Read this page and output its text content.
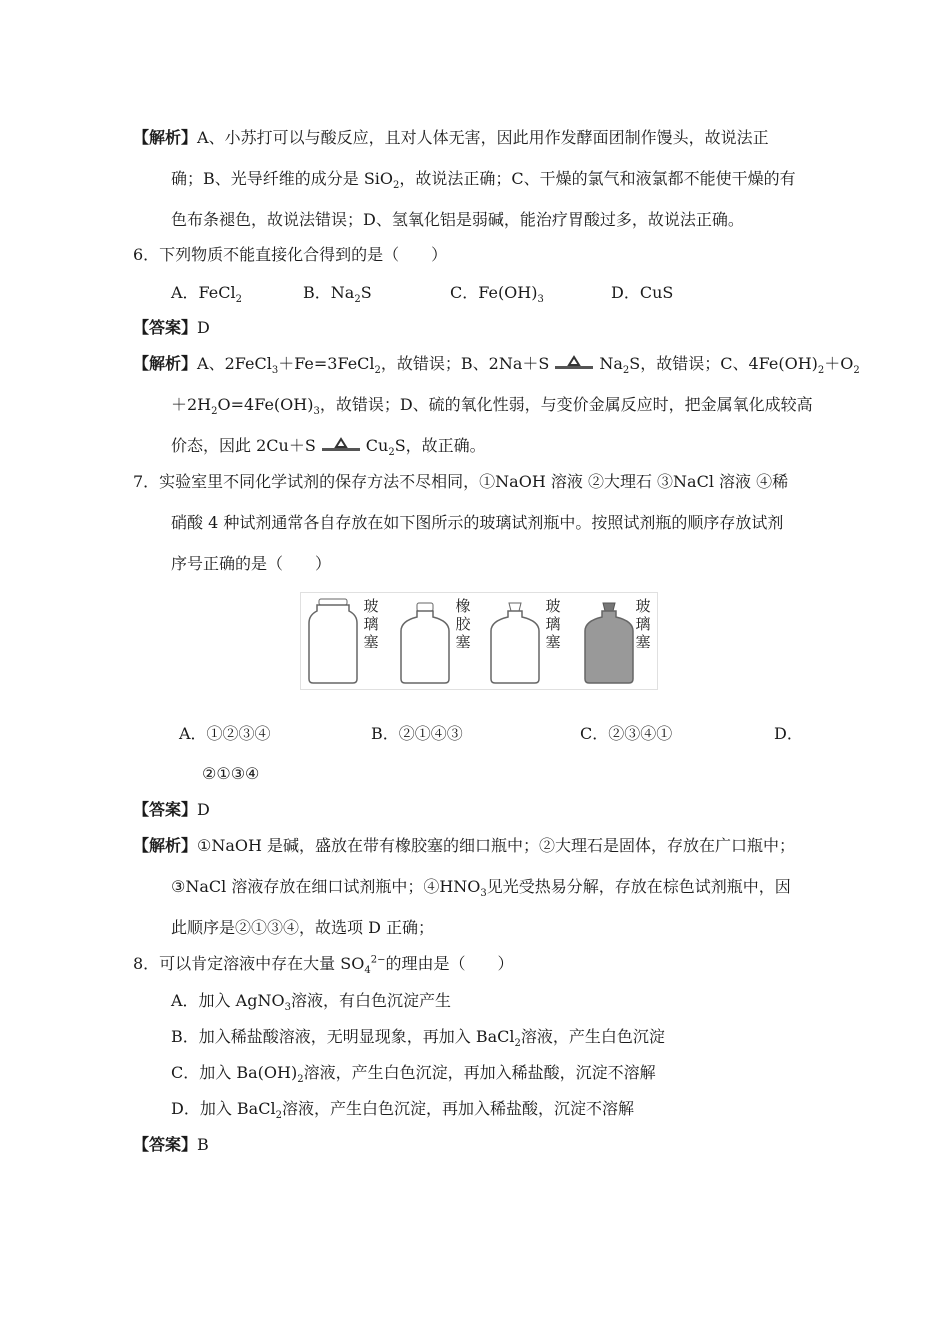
【解析】A、小苏打可以与酸反应，且对人体无害，因此用作发酵面团制作馒头，故说法正
确；B、光导纤维的成分是 SiO$_2$，故说法正确；C、干燥的氯气和液氯都不能使干燥的有
色布条褪色，故说法错误；D、氢氧化铝是弱碱，能治疗胃酸过多，故说法正确。
6．下列物质不能直接化合得到的是（　　）
A．FeCl$_2$	B．$Na_2S$	C．$Fe(OH)_3$	D．CuS
【答案】D
【解析】A、2FeCl$_3$＋Fe=3FeCl$_2$，故错误；B、2Na＋S	$Na_2S$，故错误；C、$4Fe(OH)_2+O_2$
$+2H_2O=4Fe(OH)_3$，故错误；D、硫的氧化性弱，与变价金属反应时，把金属氧化成较高
价态，因此 2Cu＋S	$Cu_2S$，故正确。
7．实验室里不同化学试剂的保存方法不尽相同，①NaOH 溶液 ②大理石 ③NaCl 溶液 ④稀
硝酸 4 种试剂通常各自存放在如下图所示的玻璃试剂瓶中。按照试剂瓶的顺序存放试剂
序号正确的是（　　）
玻璃塞
橡胶塞
玻璃塞
玻璃塞
A．①②③④	B．②①④③	C．②③④①	D．
②①③④
【答案】D
【解析】①NaOH 是碱，盛放在带有橡胶塞的细口瓶中；②大理石是固体，存放在广口瓶中；
③NaCl 溶液存放在细口试剂瓶中；$④HNO_3$见光受热易分解，存放在棕色试剂瓶中，因
此顺序是②①③④，故选项 D 正确；
8．可以肯定溶液中存在大量 $SO_4^{2-}$的理由是（　　）
A．加入 AgNO$_3$溶液，有白色沉淀产生
B．加入稀盐酸溶液，无明显现象，再加入 BaCl$_2$溶液，产生白色沉淀
C．加入 $Ba(OH)_2$溶液，产生白色沉淀，再加入稀盐酸，沉淀不溶解
D．加入 BaCl$_2$溶液，产生白色沉淀，再加入稀盐酸，沉淀不溶解
【答案】B
